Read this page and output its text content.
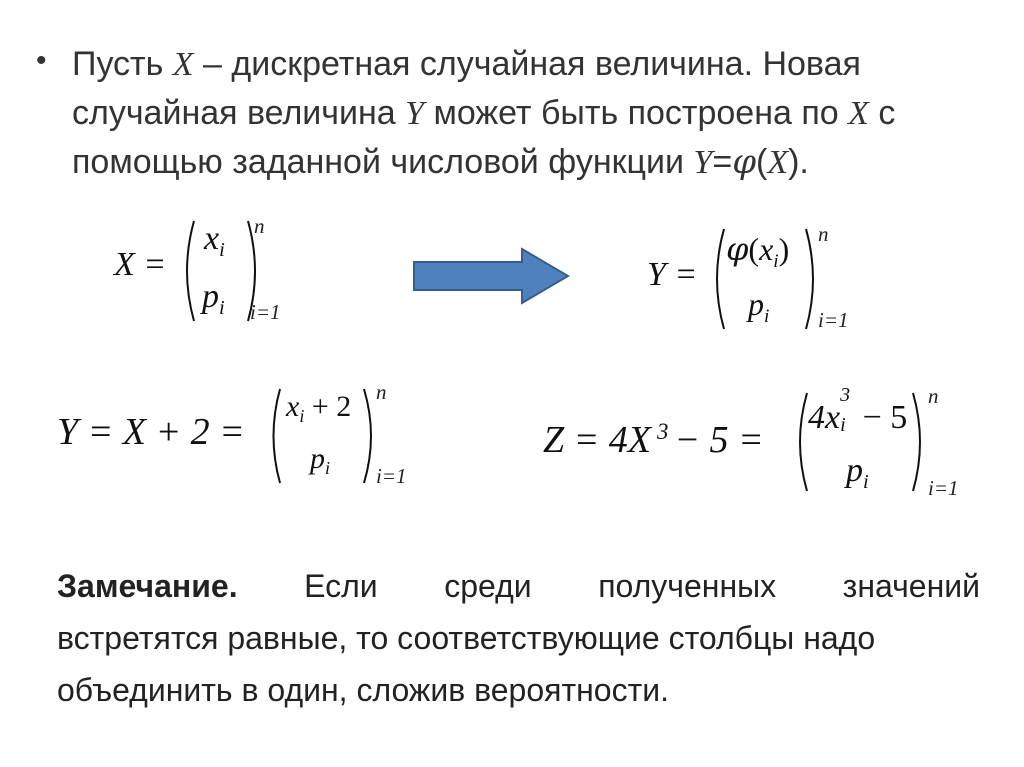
• Пусть X – дискретная случайная величина. Новая случайная величина Y может быть построена по X с помощью заданной числовой функции Y=φ(X).
X =
$x_i$
$p_i$
n
i=1
Y =
$\varphi(x_i)$
$p_i$
n
i=1
Y = X + 2 =
$x_i + 2$
$p_i$
n
i=1
Z = 4X $^3$ − 5 =
4x
3
i − 5
$p_i$
n
i=1
Замечание. Если среди полученных значений
встретятся равные, то соответствующие столбцы надо
объединить в один, сложив вероятности.
